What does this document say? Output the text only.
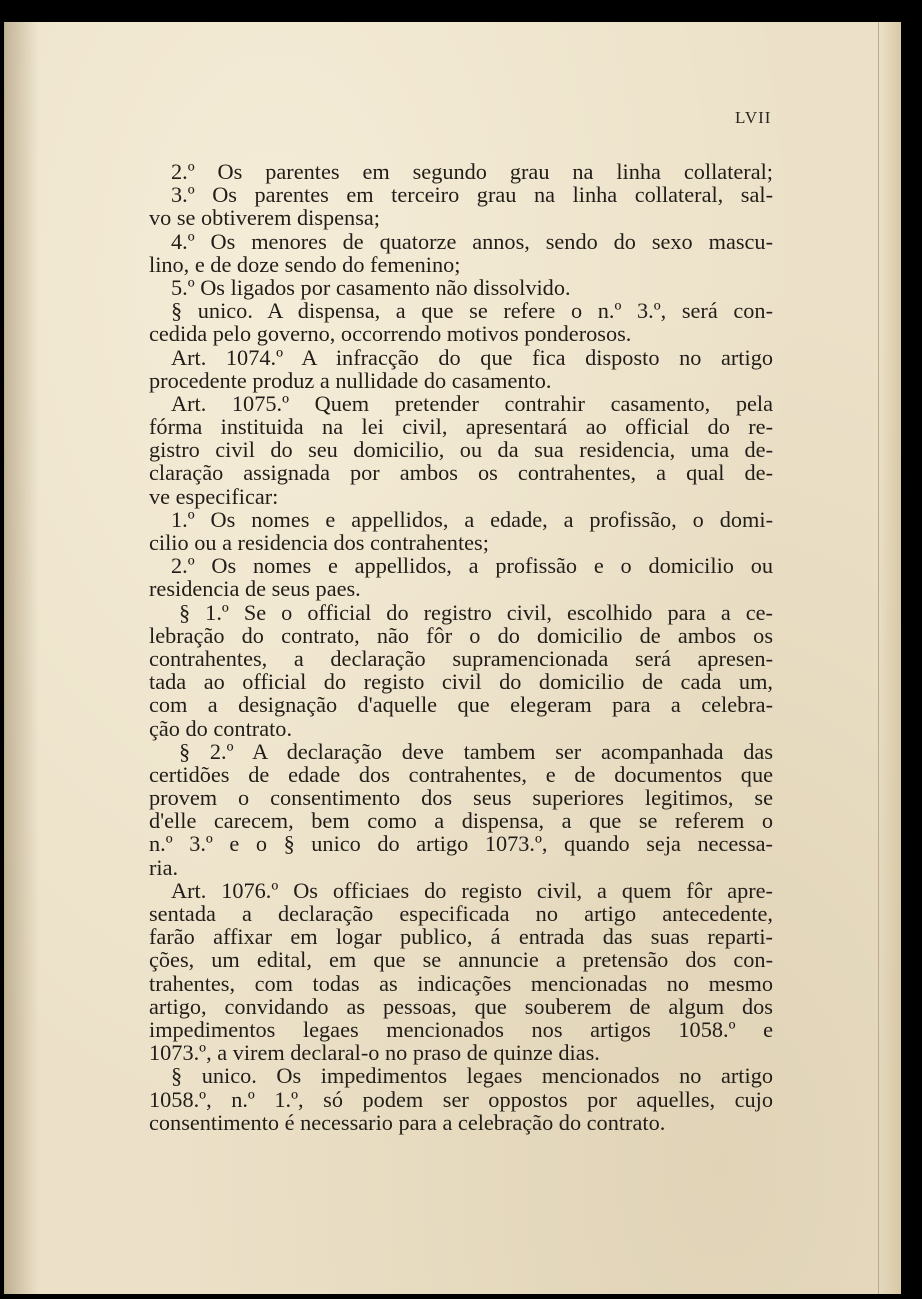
LVII
2.º Os parentes em segundo grau na linha collateral;
3.º Os parentes em terceiro grau na linha collateral, sal-
vo se obtiverem dispensa;
4.º Os menores de quatorze annos, sendo do sexo mascu-
lino, e de doze sendo do femenino;
5.º Os ligados por casamento não dissolvido.
§ unico. A dispensa, a que se refere o n.º 3.º, será con-
cedida pelo governo, occorrendo motivos ponderosos.
Art. 1074.º A infracção do que fica disposto no artigo
procedente produz a nullidade do casamento.
Art. 1075.º Quem pretender contrahir casamento, pela
fórma instituida na lei civil, apresentará ao official do re-
gistro civil do seu domicilio, ou da sua residencia, uma de-
claração assignada por ambos os contrahentes, a qual de-
ve especificar:
1.º Os nomes e appellidos, a edade, a profissão, o domi-
cilio ou a residencia dos contrahentes;
2.º Os nomes e appellidos, a profissão e o domicilio ou
residencia de seus paes.
§ 1.º Se o official do registro civil, escolhido para a ce-
lebração do contrato, não fôr o do domicilio de ambos os
contrahentes, a declaração supramencionada será apresen-
tada ao official do registo civil do domicilio de cada um,
com a designação d'aquelle que elegeram para a celebra-
ção do contrato.
§ 2.º A declaração deve tambem ser acompanhada das
certidões de edade dos contrahentes, e de documentos que
provem o consentimento dos seus superiores legitimos, se
d'elle carecem, bem como a dispensa, a que se referem o
n.º 3.º e o § unico do artigo 1073.º, quando seja necessa-
ria.
Art. 1076.º Os officiaes do registo civil, a quem fôr apre-
sentada a declaração especificada no artigo antecedente,
farão affixar em logar publico, á entrada das suas reparti-
ções, um edital, em que se annuncie a pretensão dos con-
trahentes, com todas as indicações mencionadas no mesmo
artigo, convidando as pessoas, que souberem de algum dos
impedimentos legaes mencionados nos artigos 1058.º e
1073.º, a virem declaral-o no praso de quinze dias.
§ unico. Os impedimentos legaes mencionados no artigo
1058.º, n.º 1.º, só podem ser oppostos por aquelles, cujo
consentimento é necessario para a celebração do contrato.
